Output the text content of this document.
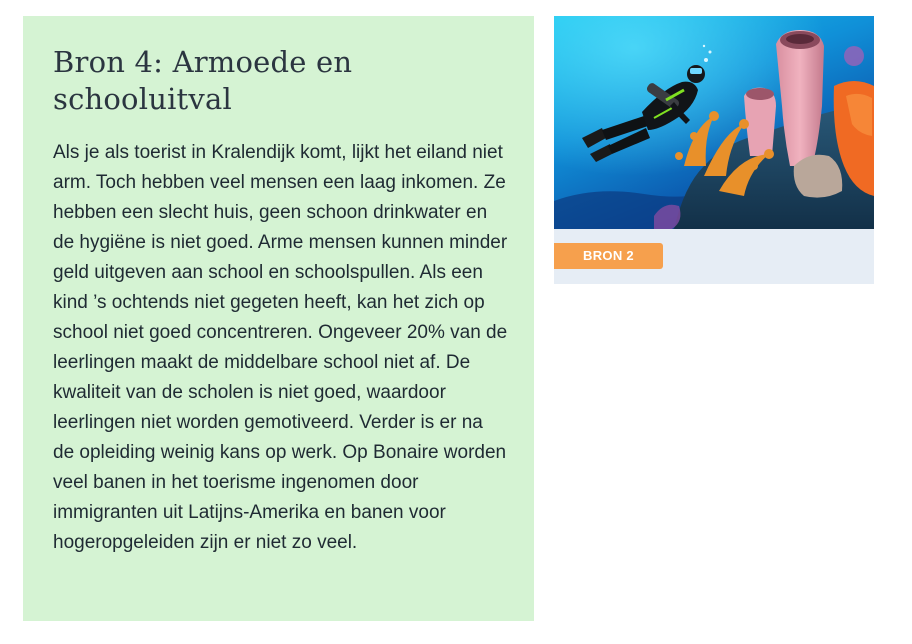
Bron 4: Armoede en schooluitval

Als je als toerist in Kralendijk komt, lijkt het eiland niet arm. Toch hebben veel mensen een laag inkomen. Ze hebben een slecht huis, geen schoon drinkwater en de hygiëne is niet goed. Arme mensen kunnen minder geld uitgeven aan school en schoolspullen. Als een kind ’s ochtends niet gegeten heeft, kan het zich op school niet goed concentreren. Ongeveer 20% van de leerlingen maakt de middelbare school niet af. De kwaliteit van de scholen is niet goed, waardoor leerlingen niet worden gemotiveerd. Verder is er na de opleiding weinig kans op werk. Op Bonaire worden veel banen in het toerisme ingenomen door immigranten uit Latijns-Amerika en banen voor hogeropgeleiden zijn er niet zo veel.

BRON 2
